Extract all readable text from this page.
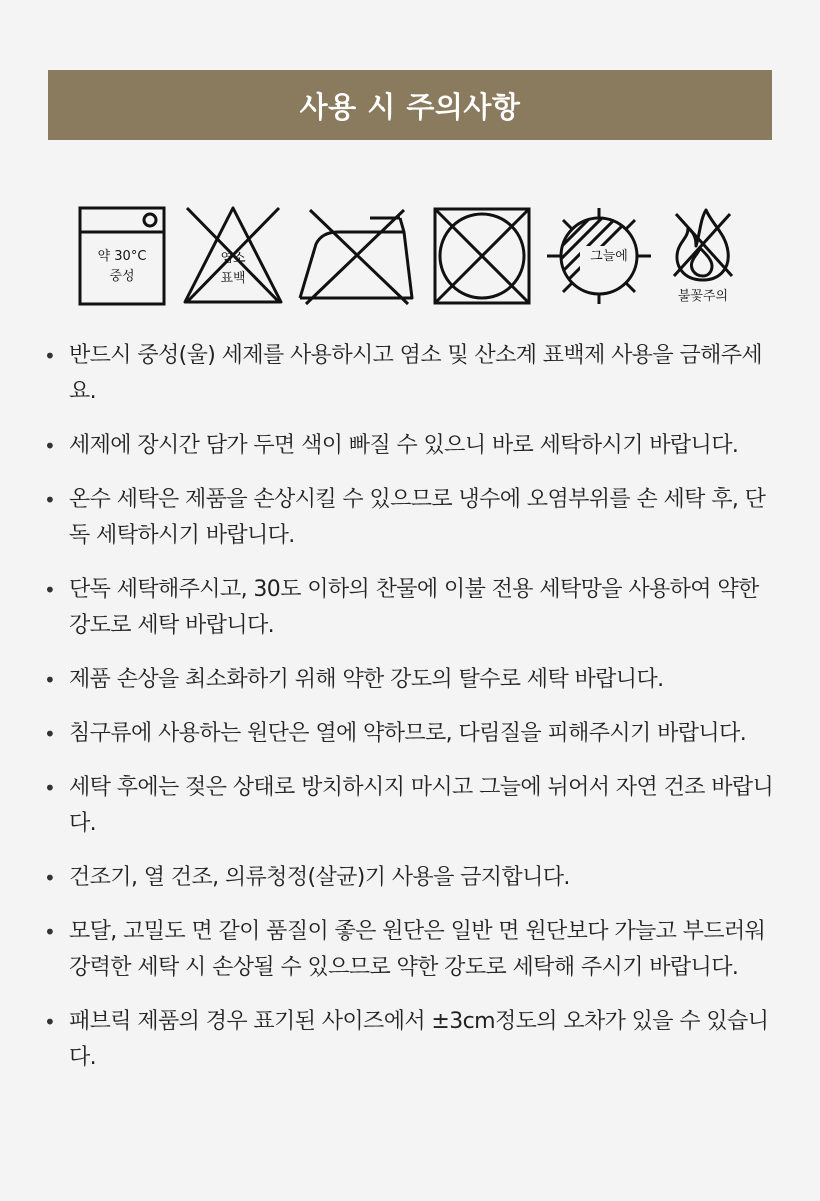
사용 시 주의사항
약 30°C
중성
염소
표백
그늘에
불꽃주의
• 반드시 중성(울) 세제를 사용하시고 염소 및 산소계 표백제 사용을 금해주세요.
• 세제에 장시간 담가 두면 색이 빠질 수 있으니 바로 세탁하시기 바랍니다.
• 온수 세탁은 제품을 손상시킬 수 있으므로 냉수에 오염부위를 손 세탁 후, 단독 세탁하시기 바랍니다.
• 단독 세탁해주시고, 30도 이하의 찬물에 이불 전용 세탁망을 사용하여 약한 강도로 세탁 바랍니다.
• 제품 손상을 최소화하기 위해 약한 강도의 탈수로 세탁 바랍니다.
• 침구류에 사용하는 원단은 열에 약하므로, 다림질을 피해주시기 바랍니다.
• 세탁 후에는 젖은 상태로 방치하시지 마시고 그늘에 뉘어서 자연 건조 바랍니다.
• 건조기, 열 건조, 의류청정(살균)기 사용을 금지합니다.
• 모달, 고밀도 면 같이 품질이 좋은 원단은 일반 면 원단보다 가늘고 부드러워 강력한 세탁 시 손상될 수 있으므로 약한 강도로 세탁해 주시기 바랍니다.
• 패브릭 제품의 경우 표기된 사이즈에서 ±3cm정도의 오차가 있을 수 있습니다.
